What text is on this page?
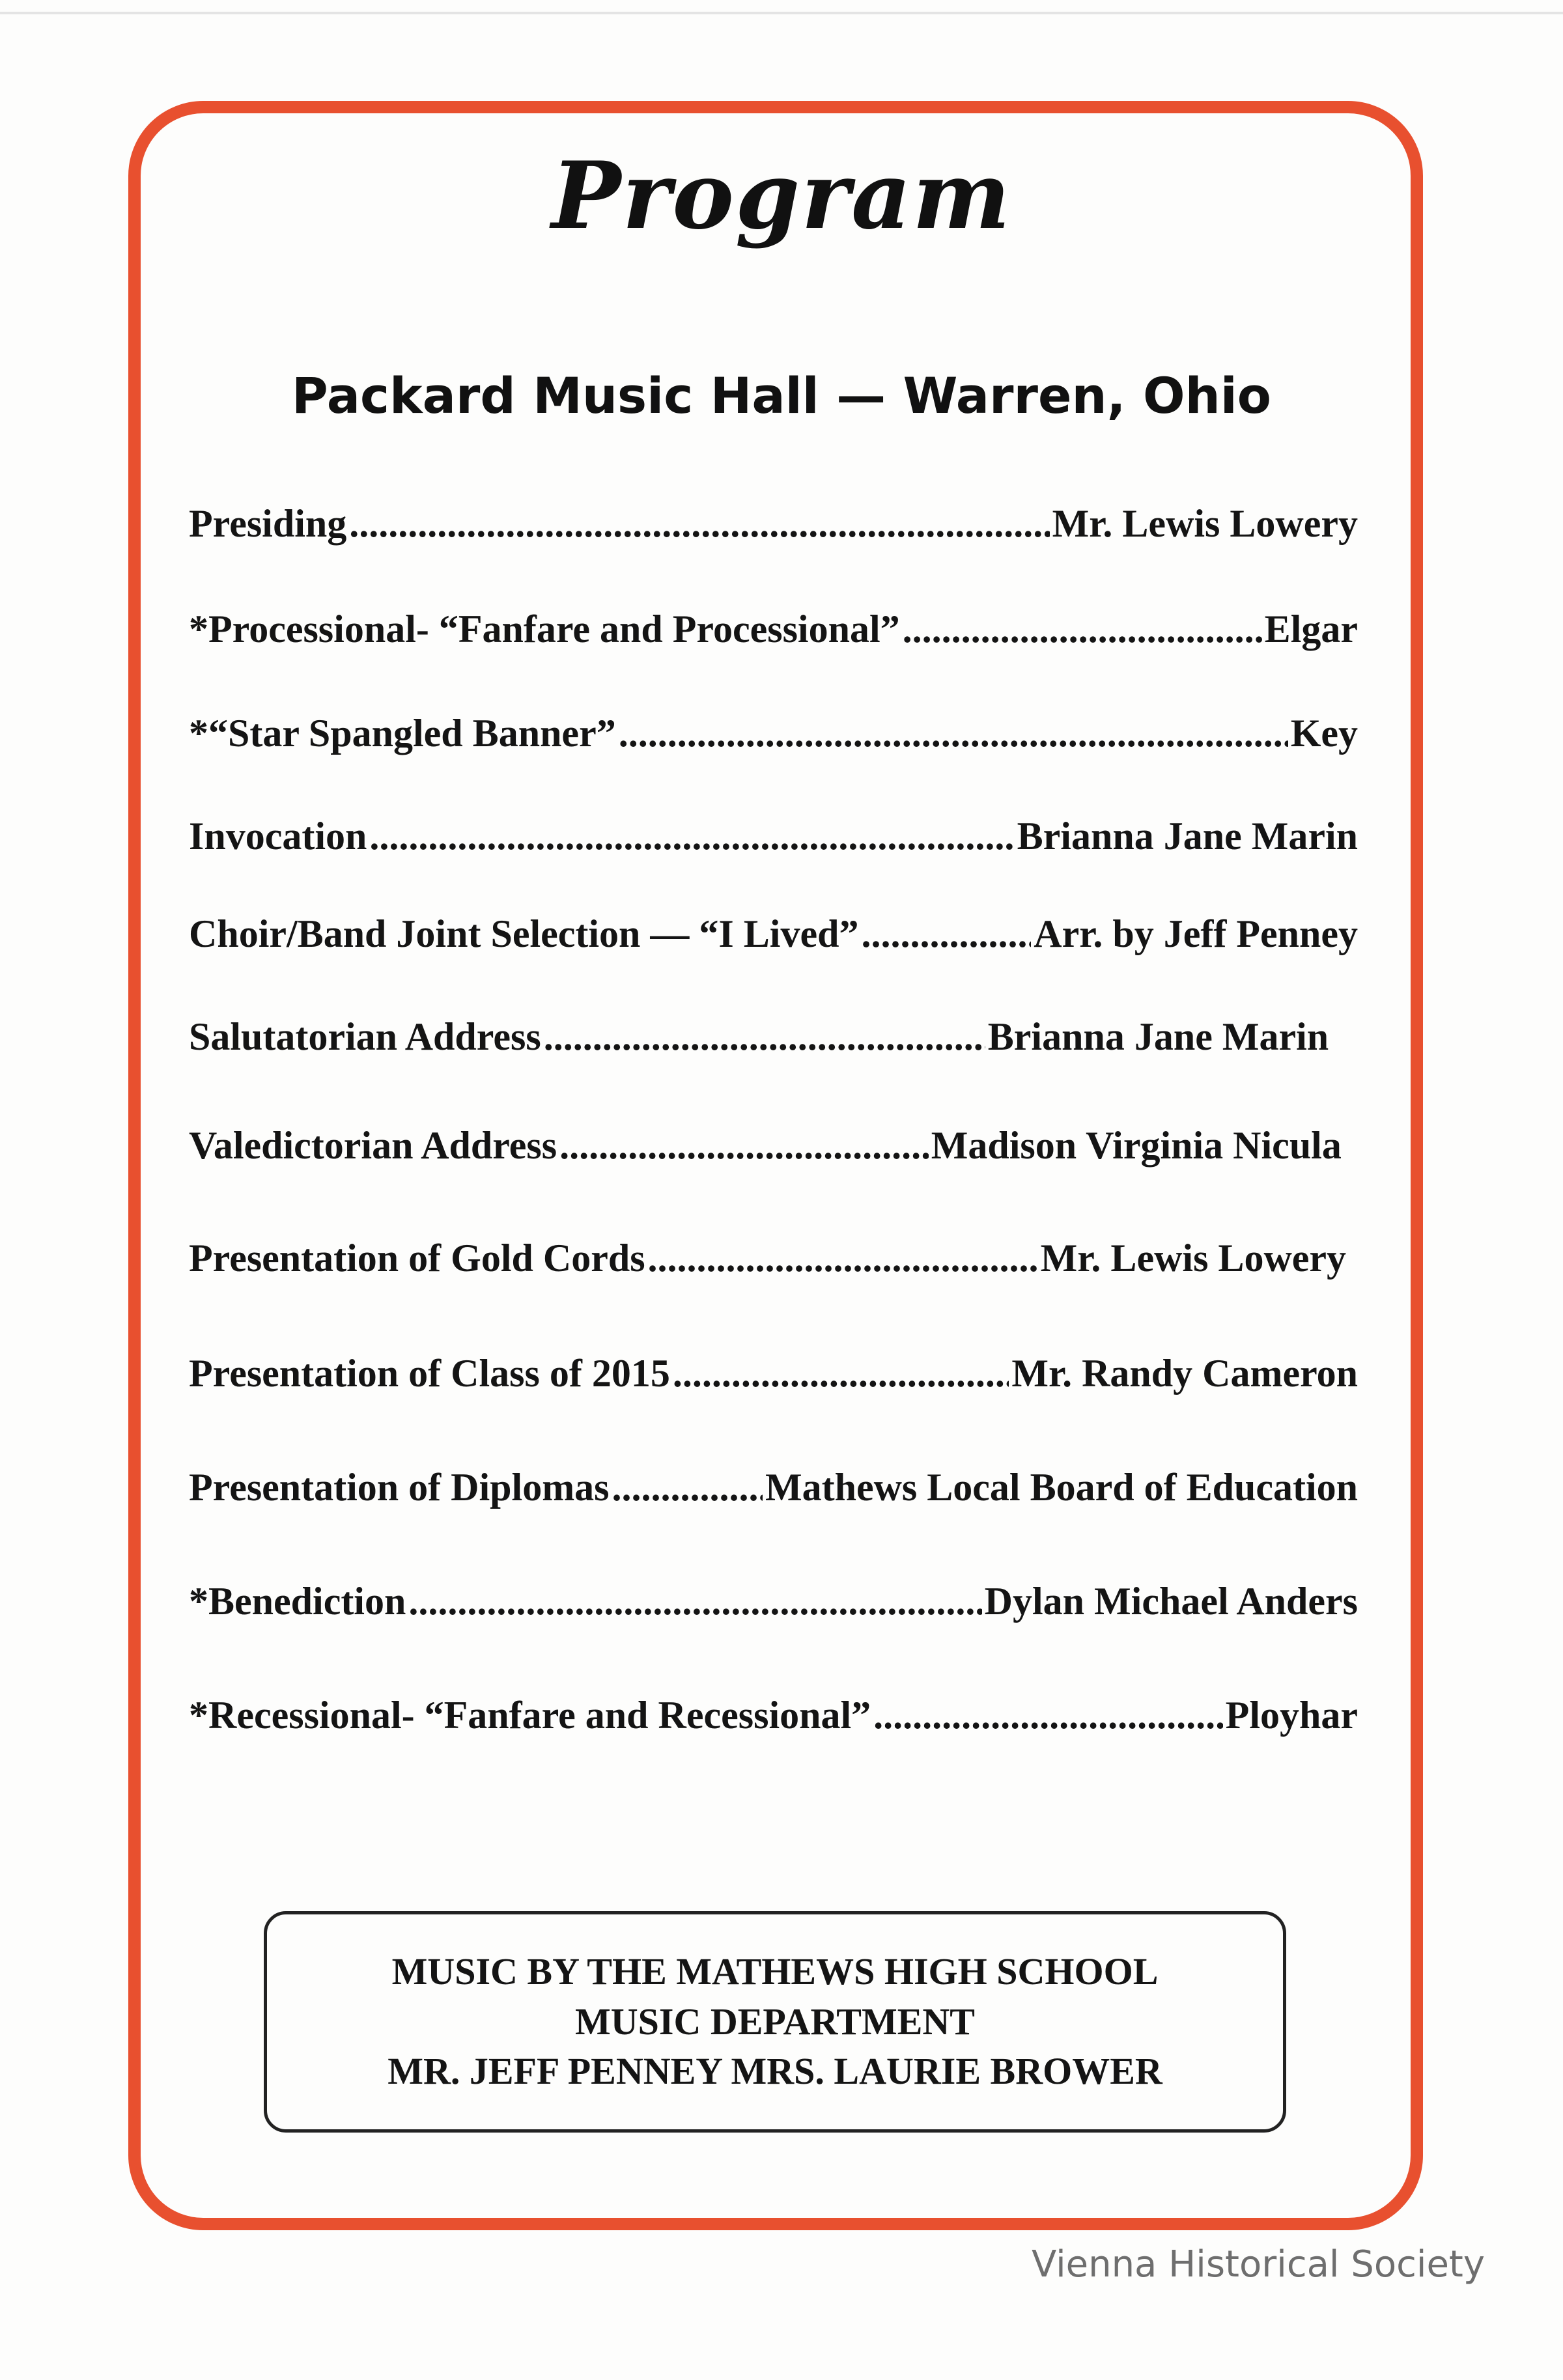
Program
Packard Music Hall — Warren, Ohio
Presiding .....	Mr. Lewis Lowery
*Processional- “Fanfare and Processional” .....	Elgar
*“Star Spangled Banner” .....	Key
Invocation .....	Brianna Jane Marin
Choir/Band Joint Selection — “I Lived” .....	Arr. by Jeff Penney
Salutatorian Address .....	Brianna Jane Marin
Valedictorian Address .....	Madison Virginia Nicula
Presentation of Gold Cords .....	Mr. Lewis Lowery
Presentation of Class of 2015 .....	Mr. Randy Cameron
Presentation of Diplomas .....	Mathews Local Board of Education
*Benediction .....	Dylan Michael Anders
*Recessional- “Fanfare and Recessional” .....	Ployhar
MUSIC BY THE MATHEWS HIGH SCHOOL
MUSIC DEPARTMENT
MR. JEFF PENNEY MRS. LAURIE BROWER
Vienna Historical Society
